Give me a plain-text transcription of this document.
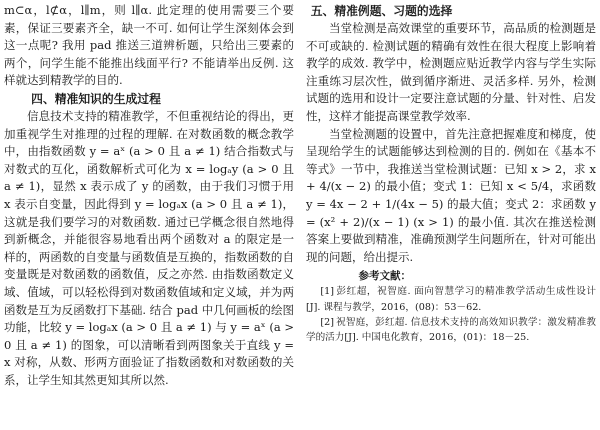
m⊂α，l⊄α，l∥m，则 l∥α. 此定理的使用需要三个要素，保证三要素齐全，缺一不可. 如何让学生深刻体会到这一点呢? 我用 pad 推送三道辨析题，只给出三要素的两个，问学生能不能推出线面平行? 不能请举出反例. 这样就达到精教学的目的.

四、精准知识的生成过程

信息技术支持的精准教学，不但重视结论的得出，更加重视学生对推理的过程的理解. 在对数函数的概念教学中，由指数函数 y = aˣ (a > 0 且 a ≠ 1) 结合指数式与对数式的互化，函数解析式可化为 x = logₐy (a > 0 且 a ≠ 1)，显然 x 表示成了 y 的函数，由于我们习惯于用 x 表示自变量，因此得到 y = logₐx (a > 0 且 a ≠ 1)，这就是我们要学习的对数函数. 通过已学概念很自然地得到新概念，并能很容易地看出两个函数对 a 的限定是一样的，两函数的自变量与函数值是互换的，指数函数的自变量既是对数函数的函数值，反之亦然. 由指数函数定义域、值域，可以轻松得到对数函数值域和定义域，并为两函数是互为反函数打下基础. 结合 pad 中几何画板的绘图功能，比较 y = logₐx (a > 0 且 a ≠ 1) 与 y = aˣ (a > 0 且 a ≠ 1) 的图象，可以清晰看到两图象关于直线 y = x 对称，从数、形两方面验证了指数函数和对数函数的关系，让学生知其然更知其所以然.

五、精准例题、习题的选择

当堂检测是高效课堂的重要环节，高品质的检测题是不可或缺的. 检测试题的精确有效性在很大程度上影响着教学的成效. 教学中，检测题应贴近教学内容与学生实际注重练习层次性，做到循序渐进、灵活多样. 另外，检测试题的选用和设计一定要注意试题的分量、针对性、启发性，这样才能提高课堂教学效率.

当堂检测题的设置中，首先注意把握难度和梯度，使呈现给学生的试题能够达到检测的目的. 例如在《基本不等式》一节中，我推送当堂检测试题：已知 x > 2，求 x + 4/(x − 2) 的最小值；变式 1：已知 x < 5/4，求函数 y = 4x − 2 + 1/(4x − 5) 的最大值；变式 2：求函数 y = (x² + 2)/(x − 1) (x > 1) 的最小值. 其次在推送检测答案上要做到精准，准确预测学生问题所在，针对可能出现的问题，给出提示.

参考文献：

[1] 彭红超，祝智庭. 面向智慧学习的精准教学活动生成性设计[J]. 课程与教学，2016，(08)：53－62.

[2] 祝智庭，彭红超. 信息技术支持的高效知识教学：激发精准教学的活力[J]. 中国电化教育，2016，(01)：18－25.
